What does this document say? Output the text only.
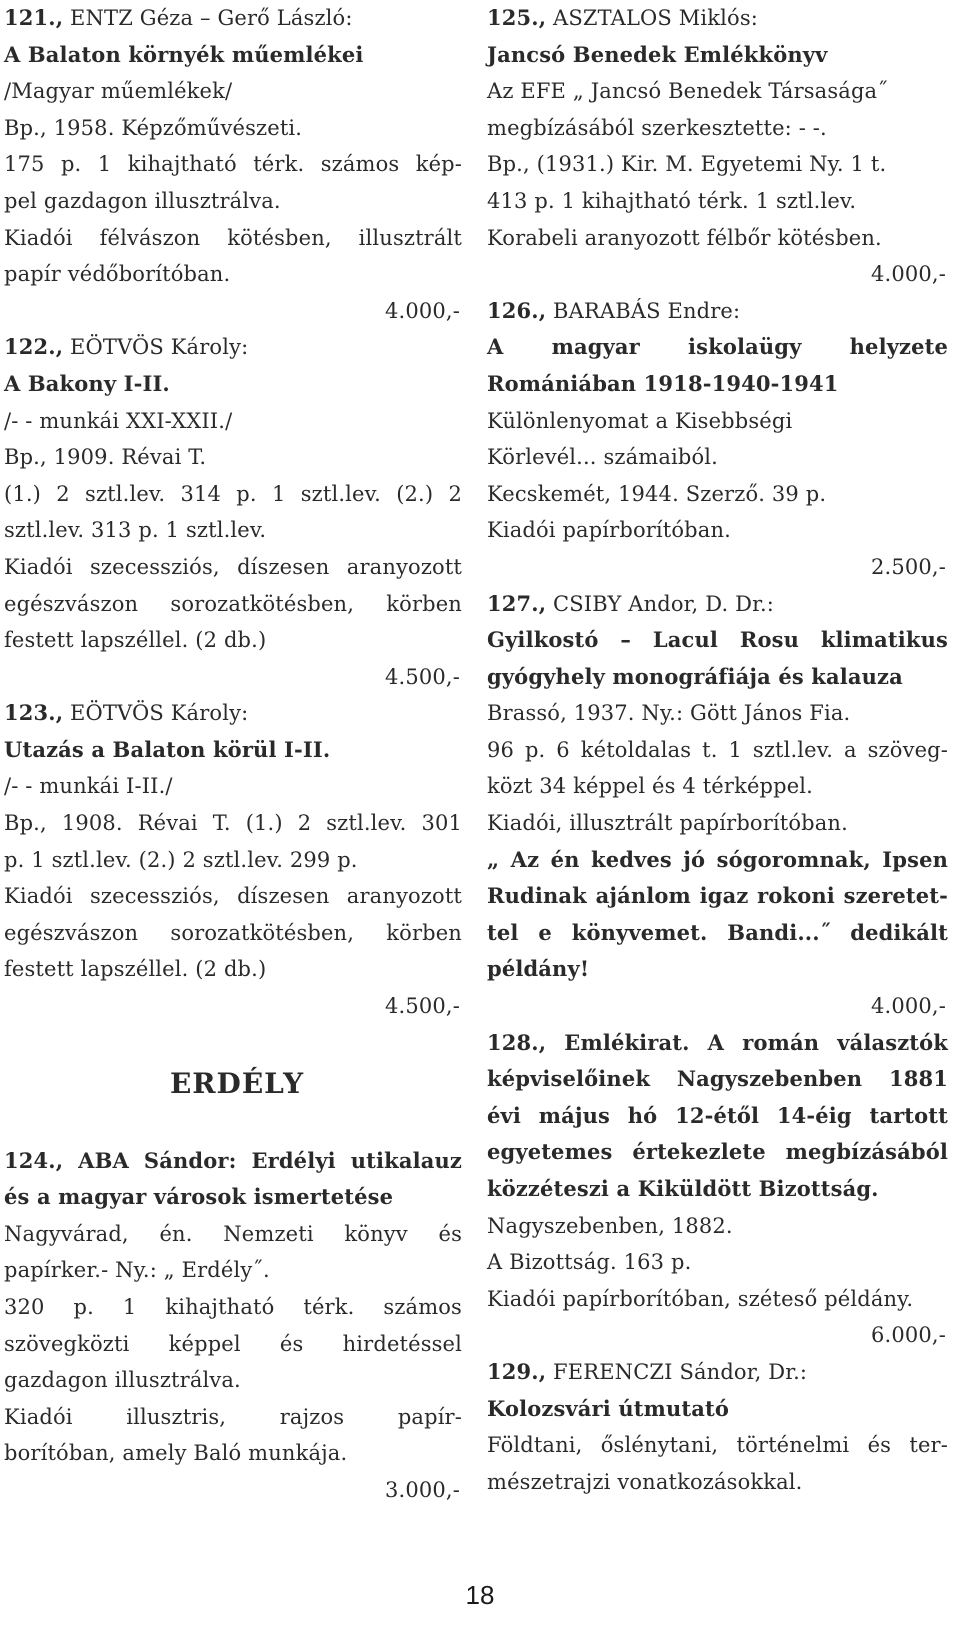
121., ENTZ Géza – Gerő László:
A Balaton környék műemlékei
/Magyar műemlékek/
Bp., 1958. Képzőművészeti.
175 p. 1 kihajtható térk. számos kép-
pel gazdagon illusztrálva.
Kiadói félvászon kötésben, illusztrált
papír védőborítóban.
4.000,-
122., EÖTVÖS Károly:
A Bakony I-II.
/- - munkái XXI-XXII./
Bp., 1909. Révai T.
(1.) 2 sztl.lev. 314 p. 1 sztl.lev. (2.) 2
sztl.lev. 313 p. 1 sztl.lev.
Kiadói szecessziós, díszesen aranyozott
egészvászon sorozatkötésben, körben
festett lapszéllel. (2 db.)
4.500,-
123., EÖTVÖS Károly:
Utazás a Balaton körül I-II.
/- - munkái I-II./
Bp., 1908. Révai T. (1.) 2 sztl.lev. 301
p. 1 sztl.lev. (2.) 2 sztl.lev. 299 p.
Kiadói szecessziós, díszesen aranyozott
egészvászon sorozatkötésben, körben
festett lapszéllel. (2 db.)
4.500,-
ERDÉLY
124., ABA Sándor: Erdélyi utikalauz
és a magyar városok ismertetése
Nagyvárad, én. Nemzeti könyv és
papírker.- Ny.: „ Erdély˝.
320 p. 1 kihajtható térk. számos
szövegközti képpel és hirdetéssel
gazdagon illusztrálva.
Kiadói illusztris, rajzos papír-
borítóban, amely Baló munkája.
3.000,-
125., ASZTALOS Miklós:
Jancsó Benedek Emlékkönyv
Az EFE „ Jancsó Benedek Társasága˝
megbízásából szerkesztette: - -.
Bp., (1931.) Kir. M. Egyetemi Ny. 1 t.
413 p. 1 kihajtható térk. 1 sztl.lev.
Korabeli aranyozott félbőr kötésben.
4.000,-
126., BARABÁS Endre:
A magyar iskolaügy helyzete
Romániában 1918-1940-1941
Különlenyomat a Kisebbségi
Körlevél... számaiból.
Kecskemét, 1944. Szerző. 39 p.
Kiadói papírborítóban.
2.500,-
127., CSIBY Andor, D. Dr.:
Gyilkostó – Lacul Rosu klimatikus
gyógyhely monográfiája és kalauza
Brassó, 1937. Ny.: Gött János Fia.
96 p. 6 kétoldalas t. 1 sztl.lev. a szöveg-
közt 34 képpel és 4 térképpel.
Kiadói, illusztrált papírborítóban.
„ Az én kedves jó sógoromnak, Ipsen
Rudinak ajánlom igaz rokoni szeretet-
tel e könyvemet. Bandi...˝ dedikált
példány!
4.000,-
128., Emlékirat. A román választók
képviselőinek Nagyszebenben 1881
évi május hó 12-étől 14-éig tartott
egyetemes értekezlete megbízásából
közzéteszi a Kiküldött Bizottság.
Nagyszebenben, 1882.
A Bizottság. 163 p.
Kiadói papírborítóban, széteső példány.
6.000,-
129., FERENCZI Sándor, Dr.:
Kolozsvári útmutató
Földtani, őslénytani, történelmi és ter-
mészetrajzi vonatkozásokkal.
18
